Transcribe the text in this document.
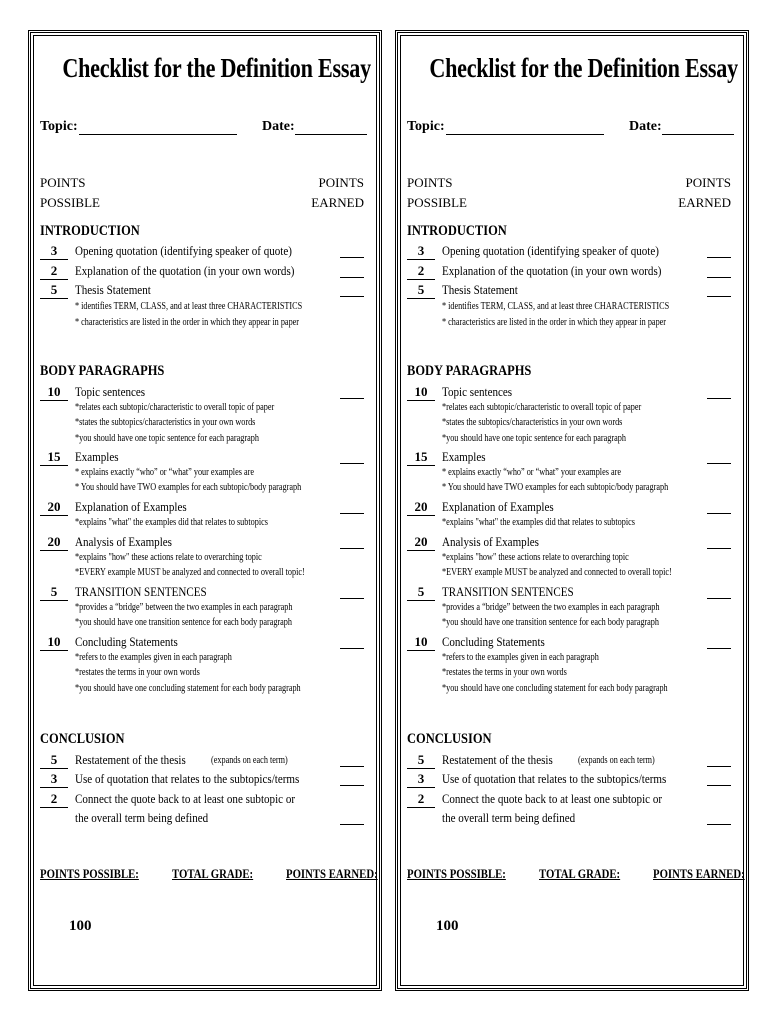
Checklist for the Definition Essay
Topic:	Date:
POINTS
POSSIBLE
POINTS
EARNED
INTRODUCTION
3	Opening quotation (identifying speaker of quote)
2	Explanation of the quotation (in your own words)
5	Thesis Statement
* identifies TERM, CLASS, and at least three CHARACTERISTICS
* characteristics are listed in the order in which they appear in paper
BODY PARAGRAPHS
10	Topic sentences
*relates each subtopic/characteristic to overall topic of paper
*states the subtopics/characteristics in your own words
*you should have one topic sentence for each paragraph
15	Examples
* explains exactly “who” or “what” your examples are
* You should have TWO examples for each subtopic/body paragraph
20	Explanation of Examples
*explains "what" the examples did that relates to subtopics
20	Analysis of Examples
*explains "how" these actions relate to overarching topic
*EVERY example MUST be analyzed and connected to overall topic!
5	TRANSITION SENTENCES
*provides a “bridge” between the two examples in each paragraph
*you should have one transition sentence for each body paragraph
10	Concluding Statements
*refers to the examples given in each paragraph
*restates the terms in your own words
*you should have one concluding statement for each body paragraph
CONCLUSION
5	Restatement of the thesis
3	Use of quotation that relates to the subtopics/terms
2	Connect the quote back to at least one subtopic or
(expands on each term)
the overall term being defined
POINTS POSSIBLE:	TOTAL GRADE:	POINTS EARNED:
100
Checklist for the Definition Essay
Topic:	Date:
POINTS
POSSIBLE
POINTS
EARNED
INTRODUCTION
3	Opening quotation (identifying speaker of quote)
2	Explanation of the quotation (in your own words)
5	Thesis Statement
* identifies TERM, CLASS, and at least three CHARACTERISTICS
* characteristics are listed in the order in which they appear in paper
BODY PARAGRAPHS
10	Topic sentences
*relates each subtopic/characteristic to overall topic of paper
*states the subtopics/characteristics in your own words
*you should have one topic sentence for each paragraph
15	Examples
* explains exactly “who” or “what” your examples are
* You should have TWO examples for each subtopic/body paragraph
20	Explanation of Examples
*explains "what" the examples did that relates to subtopics
20	Analysis of Examples
*explains "how" these actions relate to overarching topic
*EVERY example MUST be analyzed and connected to overall topic!
5	TRANSITION SENTENCES
*provides a “bridge” between the two examples in each paragraph
*you should have one transition sentence for each body paragraph
10	Concluding Statements
*refers to the examples given in each paragraph
*restates the terms in your own words
*you should have one concluding statement for each body paragraph
CONCLUSION
5	Restatement of the thesis
3	Use of quotation that relates to the subtopics/terms
2	Connect the quote back to at least one subtopic or
(expands on each term)
the overall term being defined
POINTS POSSIBLE:	TOTAL GRADE:	POINTS EARNED:
100
